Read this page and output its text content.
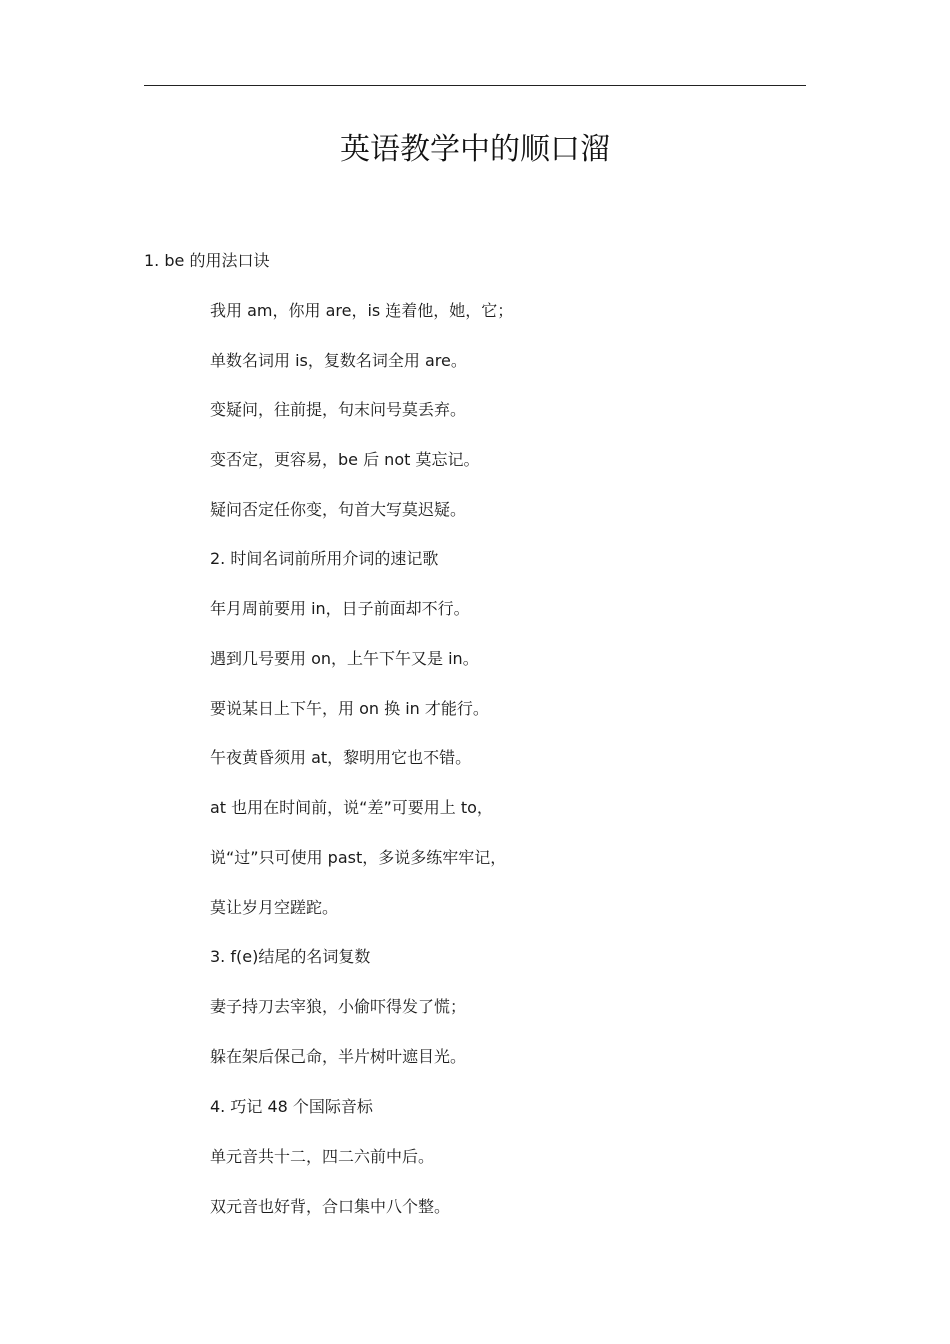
英语教学中的顺口溜
1. be 的用法口诀
我用 am，你用 are，is 连着他，她，它；
单数名词用 is，复数名词全用 are。
变疑问，往前提，句末问号莫丢弃。
变否定，更容易，be 后 not 莫忘记。
疑问否定任你变，句首大写莫迟疑。
2. 时间名词前所用介词的速记歌
年月周前要用 in，日子前面却不行。
遇到几号要用 on，上午下午又是 in。
要说某日上下午，用 on 换 in 才能行。
午夜黄昏须用 at，黎明用它也不错。
at 也用在时间前，说“差”可要用上 to，
说“过”只可使用 past，多说多练牢牢记，
莫让岁月空蹉跎。
3. f(e)结尾的名词复数
妻子持刀去宰狼，小偷吓得发了慌；
躲在架后保己命，半片树叶遮目光。
4. 巧记 48 个国际音标
单元音共十二，四二六前中后。
双元音也好背，合口集中八个整。
